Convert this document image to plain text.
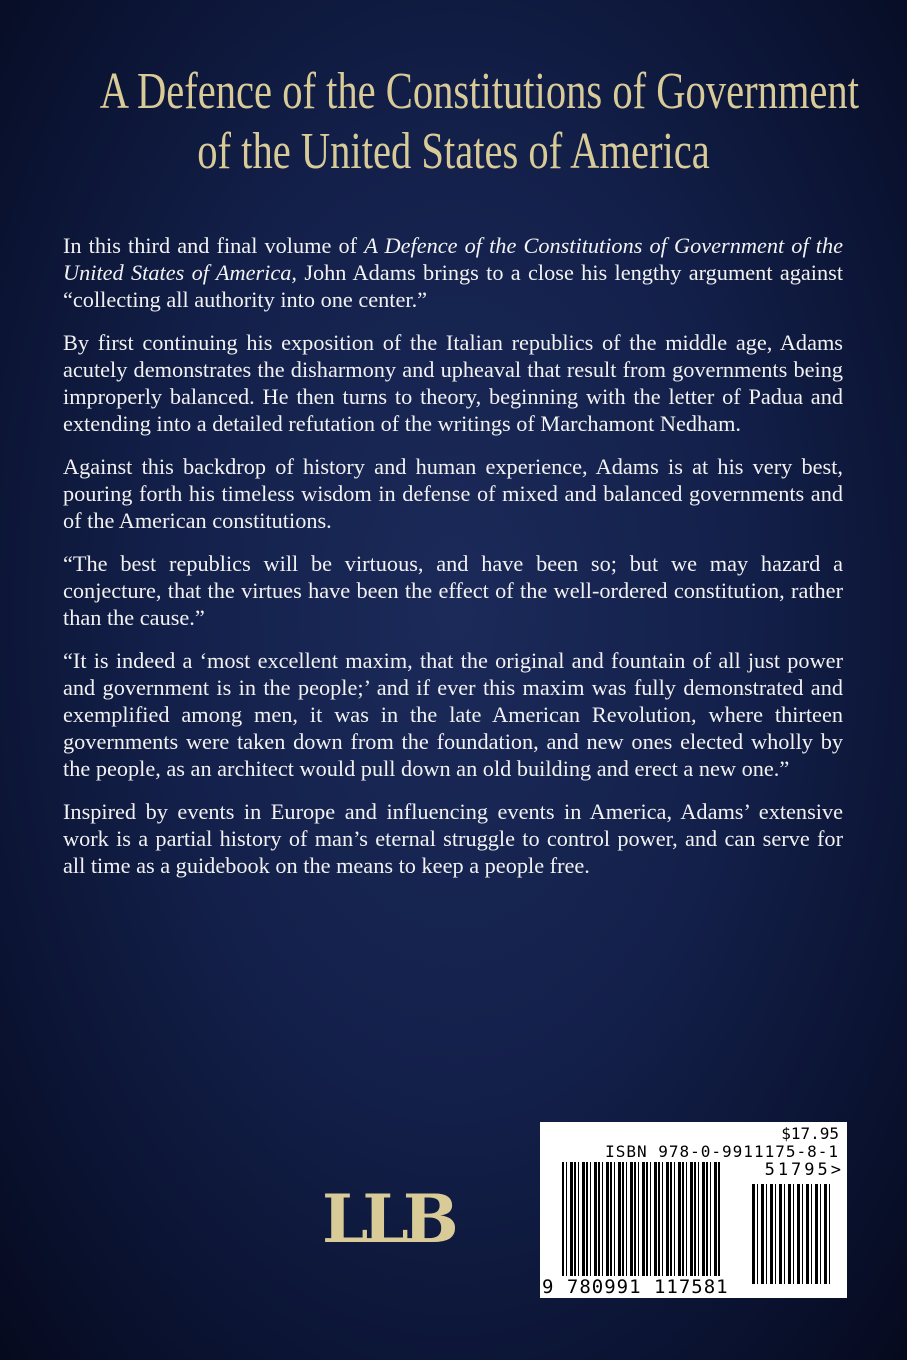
A Defence of the Constitutions of Government
of the United States of America

In this third and final volume of A Defence of the Constitutions of Government of the United States of America, John Adams brings to a close his lengthy argument against “collecting all authority into one center.”

By first continuing his exposition of the Italian republics of the middle age, Adams acutely demonstrates the disharmony and upheaval that result from governments being improperly balanced. He then turns to theory, beginning with the letter of Padua and extending into a detailed refutation of the writings of Marchamont Nedham.

Against this backdrop of history and human experience, Adams is at his very best, pouring forth his timeless wisdom in defense of mixed and balanced governments and of the American constitutions.

“The best republics will be virtuous, and have been so; but we may hazard a conjecture, that the virtues have been the effect of the well-ordered constitution, rather than the cause.”

“It is indeed a ‘most excellent maxim, that the original and fountain of all just power and government is in the people;’ and if ever this maxim was fully demonstrated and exemplified among men, it was in the late American Revolution, where thirteen governments were taken down from the foundation, and new ones elected wholly by the people, as an architect would pull down an old building and erect a new one.”

Inspired by events in Europe and influencing events in America, Adams’ extensive work is a partial history of man’s eternal struggle to control power, and can serve for all time as a guidebook on the means to keep a people free.

LLB
$17.95
ISBN 978-0-9911175-8-1
51795>
9 780991 117581
